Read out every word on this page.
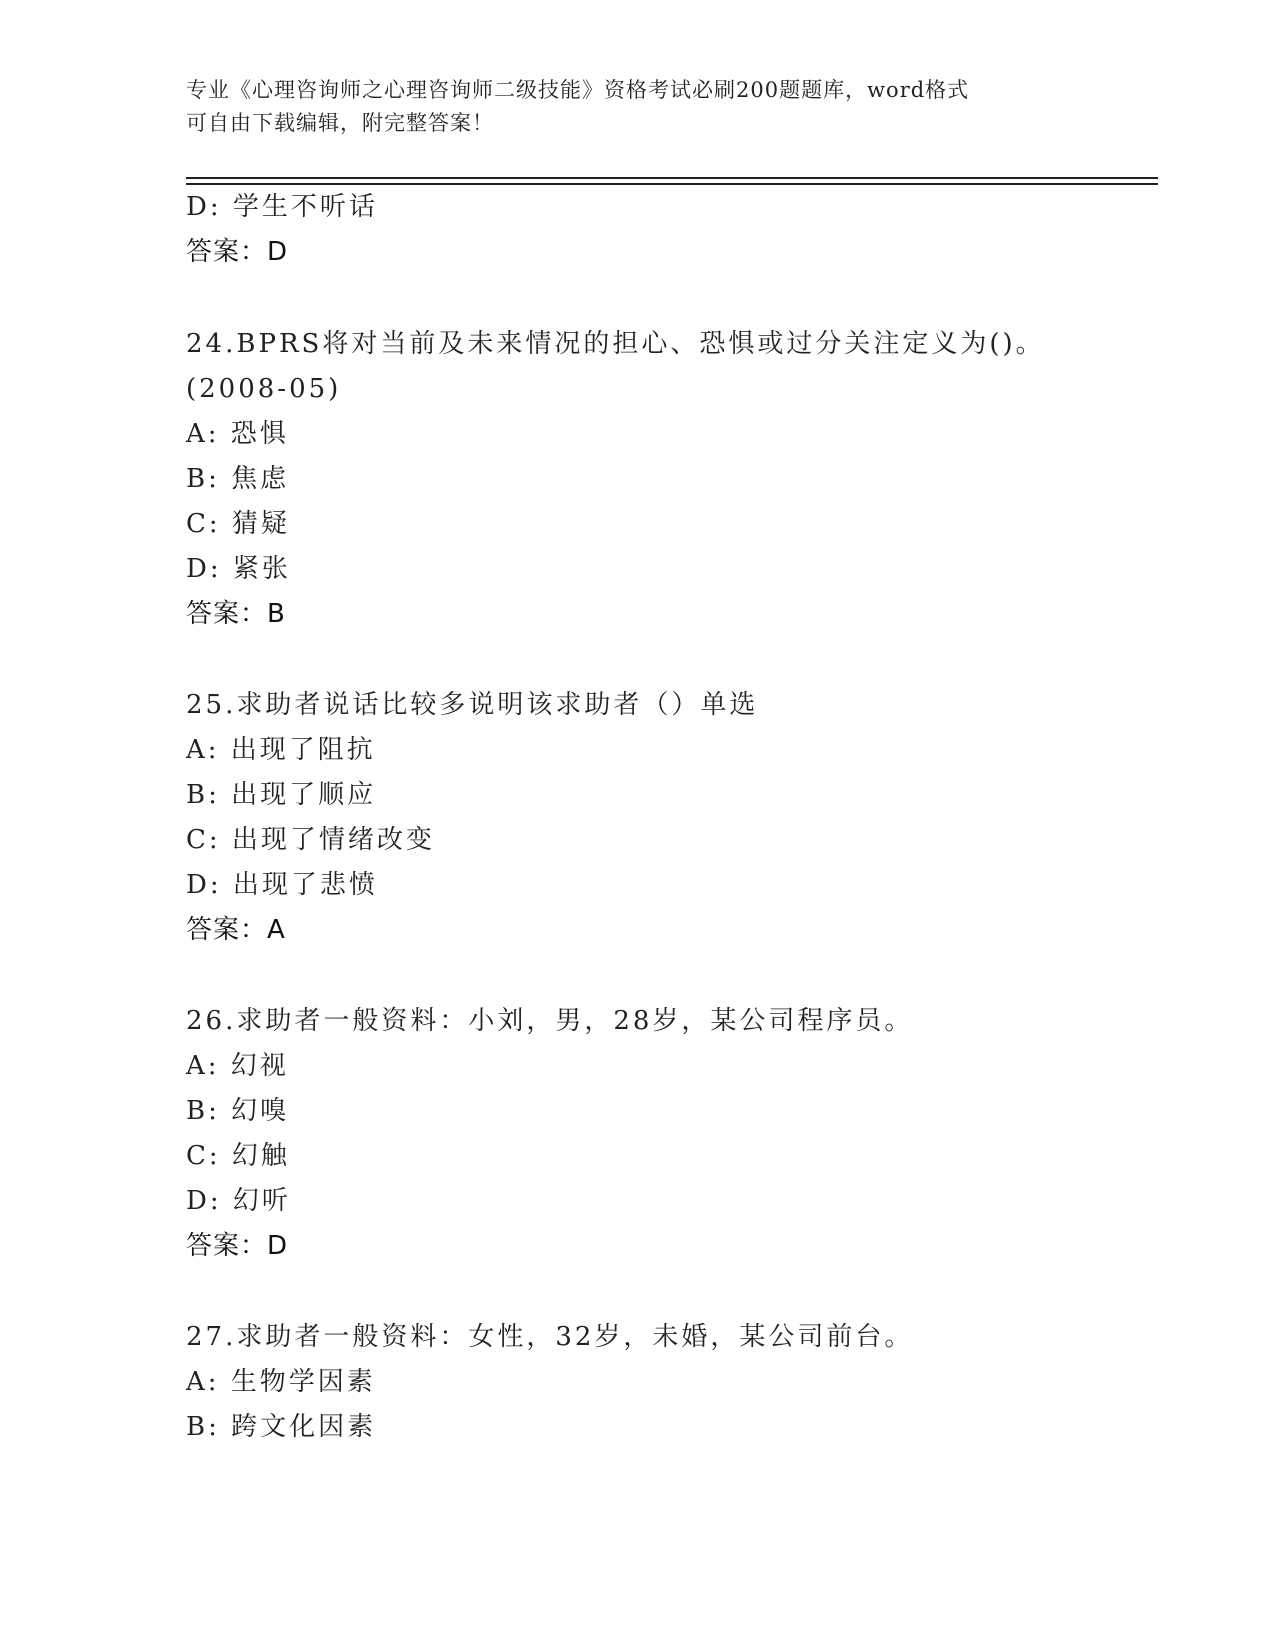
专业《心理咨询师之心理咨询师二级技能》资格考试必刷200题题库，word格式
可自由下载编辑，附完整答案！
D: 学生不听话
答案：D
24.BPRS将对当前及未来情况的担心、恐惧或过分关注定义为()。
(2008-05)
A: 恐惧
B: 焦虑
C: 猜疑
D: 紧张
答案：B
25.求助者说话比较多说明该求助者（）单选
A: 出现了阻抗
B: 出现了顺应
C: 出现了情绪改变
D: 出现了悲愤
答案：A
26.求助者一般资料：小刘，男，28岁，某公司程序员。
A: 幻视
B: 幻嗅
C: 幻触
D: 幻听
答案：D
27.求助者一般资料：女性，32岁，未婚，某公司前台。
A: 生物学因素
B: 跨文化因素
